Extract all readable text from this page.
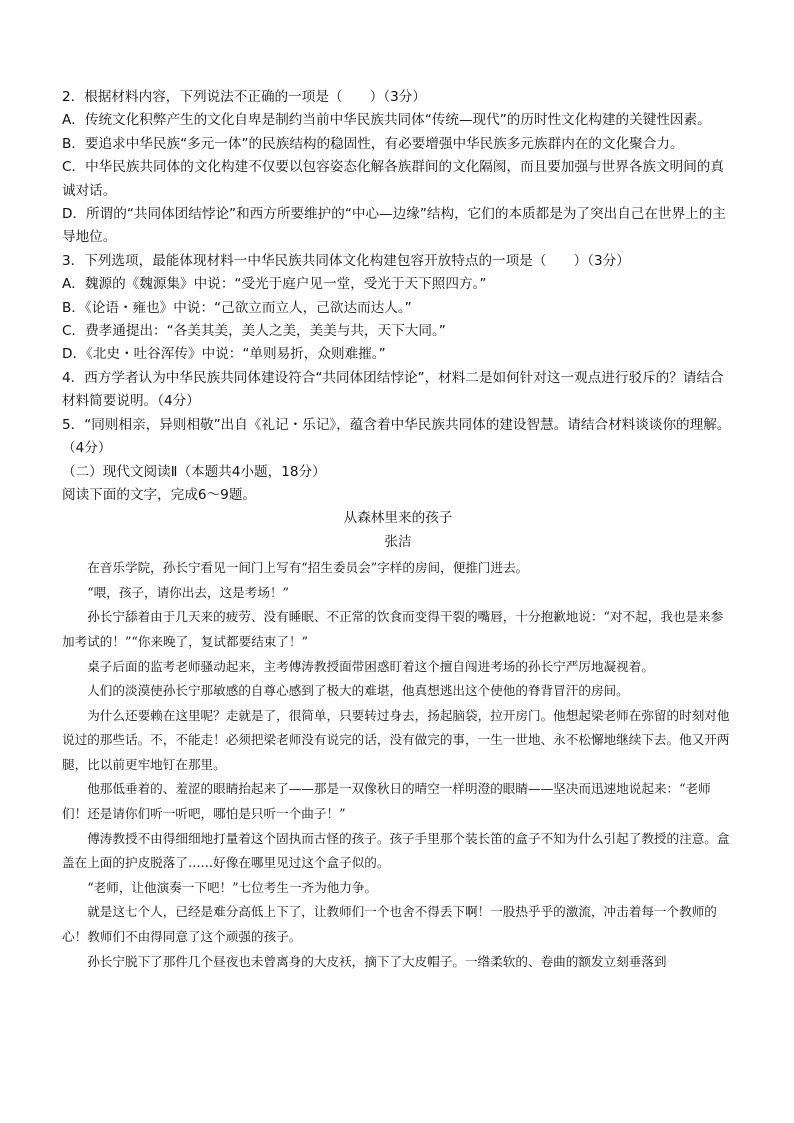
2．根据材料内容，下列说法不正确的一项是（　　）（3分）

A．传统文化积弊产生的文化自卑是制约当前中华民族共同体“传统—现代”的历时性文化构建的关键性因素。

B．要追求中华民族“多元一体”的民族结构的稳固性，有必要增强中华民族多元族群内在的文化聚合力。

C．中华民族共同体的文化构建不仅要以包容姿态化解各族群间的文化隔阂，而且要加强与世界各族文明间的真诚对话。

D．所谓的“共同体团结悖论”和西方所要维护的“中心—边缘”结构，它们的本质都是为了突出自己在世界上的主导地位。

3．下列选项，最能体现材料一中华民族共同体文化构建包容开放特点的一项是（　　）（3分）

A．魏源的《魏源集》中说：“受光于庭户见一堂，受光于天下照四方。”

B．《论语・雍也》中说：“己欲立而立人，己欲达而达人。”

C．费孝通提出：“各美其美，美人之美，美美与共，天下大同。”

D．《北史・吐谷浑传》中说：“单则易折，众则难摧。”

4．西方学者认为中华民族共同体建设符合“共同体团结悖论”，材料二是如何针对这一观点进行驳斥的？请结合材料简要说明。（4分）

5．“同则相亲，异则相敬”出自《礼记・乐记》，蕴含着中华民族共同体的建设智慧。请结合材料谈谈你的理解。（4分）

（二）现代文阅读Ⅱ（本题共4小题，18分）

阅读下面的文字，完成6～9题。

从森林里来的孩子

张洁

在音乐学院，孙长宁看见一间门上写有“招生委员会”字样的房间，便推门进去。

“喂，孩子，请你出去，这是考场！”

孙长宁舔着由于几天来的疲劳、没有睡眠、不正常的饮食而变得干裂的嘴唇，十分抱歉地说：“对不起，我也是来参加考试的！”“你来晚了，复试都要结束了！”

桌子后面的监考老师骚动起来，主考傅涛教授面带困惑盯着这个擅自闯进考场的孙长宁严厉地凝视着。

人们的淡漠使孙长宁那敏感的自尊心感到了极大的难堪，他真想逃出这个使他的脊背冒汗的房间。

为什么还要赖在这里呢？走就是了，很简单，只要转过身去，扬起脑袋，拉开房门。他想起梁老师在弥留的时刻对他说过的那些话。不，不能走！必须把梁老师没有说完的话，没有做完的事，一生一世地、永不松懈地继续下去。他又开两腿，比以前更牢地钉在那里。

他那低垂着的、羞涩的眼睛抬起来了——那是一双像秋日的晴空一样明澄的眼睛——坚决而迅速地说起来：“老师们！还是请你们听一听吧，哪怕是只听一个曲子！”

傅涛教授不由得细细地打量着这个固执而古怪的孩子。孩子手里那个装长笛的盒子不知为什么引起了教授的注意。盒盖在上面的护皮脱落了……好像在哪里见过这个盒子似的。

“老师，让他演奏一下吧！”七位考生一齐为他力争。

就是这七个人，已经是难分高低上下了，让教师们一个也舍不得丢下啊！一股热乎乎的激流，冲击着每一个教师的心！教师们不由得同意了这个顽强的孩子。

孙长宁脱下了那件几个昼夜也未曾离身的大皮袄，摘下了大皮帽子。一绺柔软的、卷曲的额发立刻垂落到
